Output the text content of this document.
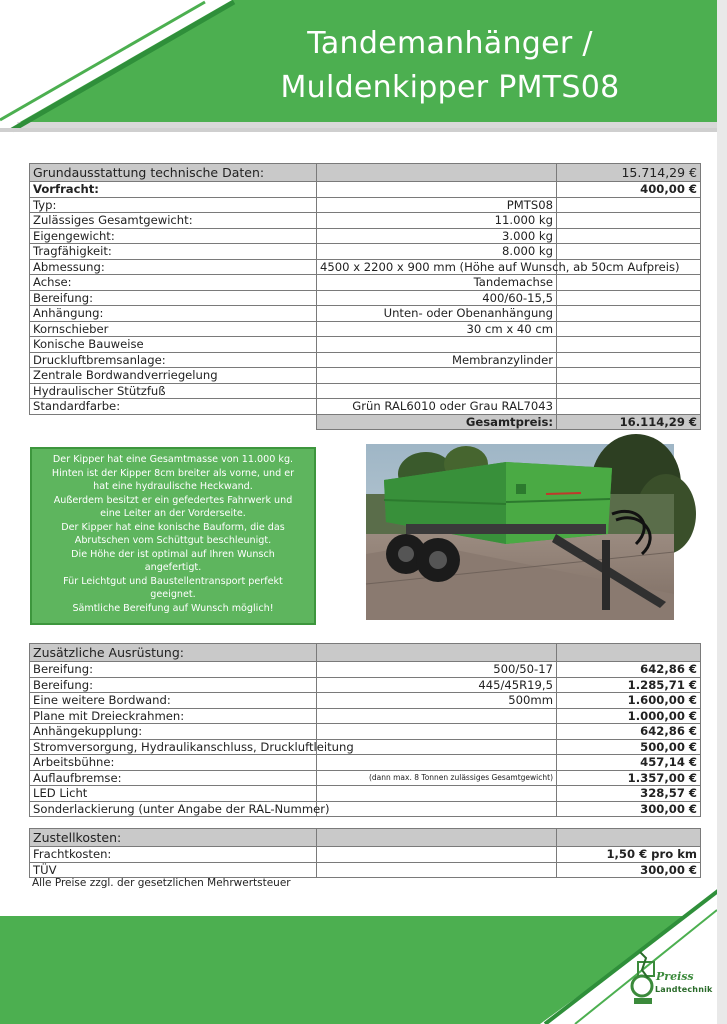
Tandemanhänger /
Muldenkipper PMTS08
Grundausstattung technische Daten:		15.714,29 €
Vorfracht:		400,00 €
Typ:	PMTS08	
Zulässiges Gesamtgewicht:	11.000 kg	
Eigengewicht:	3.000 kg	
Tragfähigkeit:	8.000 kg	
Abmessung:	4500 x 2200 x 900 mm (Höhe auf Wunsch, ab 50cm Aufpreis)	
Achse:	Tandemachse	
Bereifung:	400/60-15,5	
Anhängung:	Unten- oder Obenanhängung	
Kornschieber	30 cm x 40 cm	
Konische Bauweise		
Druckluftbremsanlage:	Membranzylinder	
Zentrale Bordwandverriegelung		
Hydraulischer Stützfuß		
Standardfarbe:	Grün RAL6010 oder Grau RAL7043	
	Gesamtpreis:	16.114,29 €
Der Kipper hat eine Gesamtmasse von 11.000 kg.
Hinten ist der Kipper 8cm breiter als vorne, und er
hat eine hydraulische Heckwand.
Außerdem besitzt er ein gefedertes Fahrwerk und
eine Leiter an der Vorderseite.
Der Kipper hat eine konische Bauform, die das
Abrutschen vom Schüttgut beschleunigt.
Die Höhe der ist optimal auf Ihren Wunsch
angefertigt.
Für Leichtgut und Baustellentransport perfekt
geeignet.
Sämtliche Bereifung auf Wunsch möglich!
Zusätzliche Ausrüstung:		
Bereifung:	500/50-17	642,86 €
Bereifung:	445/45R19,5	1.285,71 €
Eine weitere Bordwand:	500mm	1.600,00 €
Plane mit Dreieckrahmen:		1.000,00 €
Anhängekupplung:		642,86 €
Stromversorgung, Hydraulikanschluss, Druckluftleitung		500,00 €
Arbeitsbühne:		457,14 €
Auflaufbremse:	(dann max. 8 Tonnen zulässiges Gesamtgewicht)	1.357,00 €
LED Licht		328,57 €
Sonderlackierung (unter Angabe der RAL-Nummer)		300,00 €
Zustellkosten:		
Frachtkosten:		1,50 € pro km
TÜV		300,00 €
Alle Preise zzgl. der gesetzlichen Mehrwertsteuer
Preiss
Landtechnik
